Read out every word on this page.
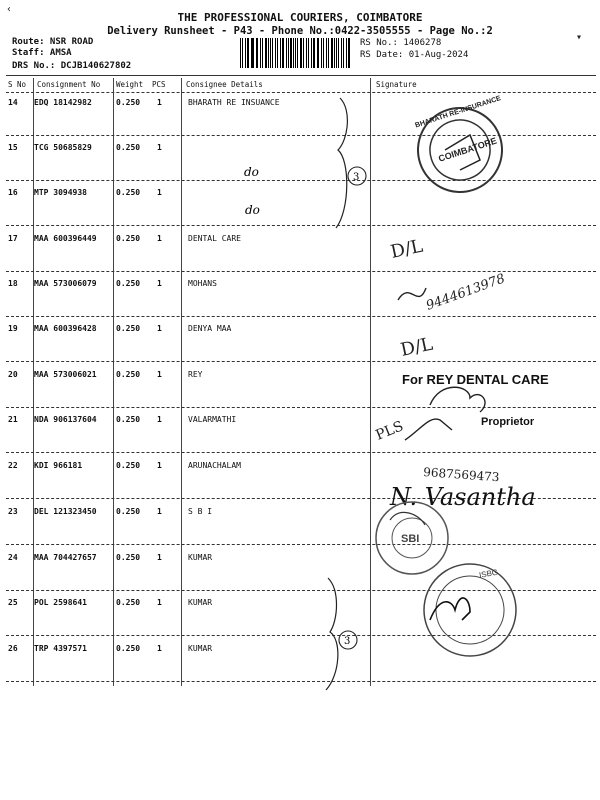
THE PROFESSIONAL COURIERS, COIMBATORE
Delivery Runsheet - P43 - Phone No.:0422-3505555 - Page No.:2
Route: NSR ROAD
Staff: AMSA
DRS No.: DCJB140627802
RS No.: 1406278
RS Date: 01-Aug-2024
S No Consignment No Weight PCS	Consignee Details	Signature
14 EDQ 18142982	0.250 1	BHARATH RE INSUANCE
15 TCG 50685829	0.250 1
16 MTP 3094938	0.250 1
17 MAA 600396449 0.250 1	DENTAL CARE
18 MAA 573006079 0.250 1	MOHANS
19 MAA 600396428 0.250 1	DENYA MAA
20 MAA 573006021 0.250 1	REY
21 NDA 906137604 0.250 1	VALARMATHI
22 KDI 966181	0.250 1	ARUNACHALAM
23 DEL 121323450 0.250 1	S B I
24 MAA 704427657 0.250 1	KUMAR
25 POL 2598641	0.250 1	KUMAR
26 TRP 4397571	0.250 1	KUMAR
3
do
do
BHARATH RE-INSURANCE
COIMBATORE
D/L
9444613978
D/L
For REY DENTAL CARE
Proprietor
PLS
9687569473
N. Vasantha
SBI
3
ISBG
‹
▾
